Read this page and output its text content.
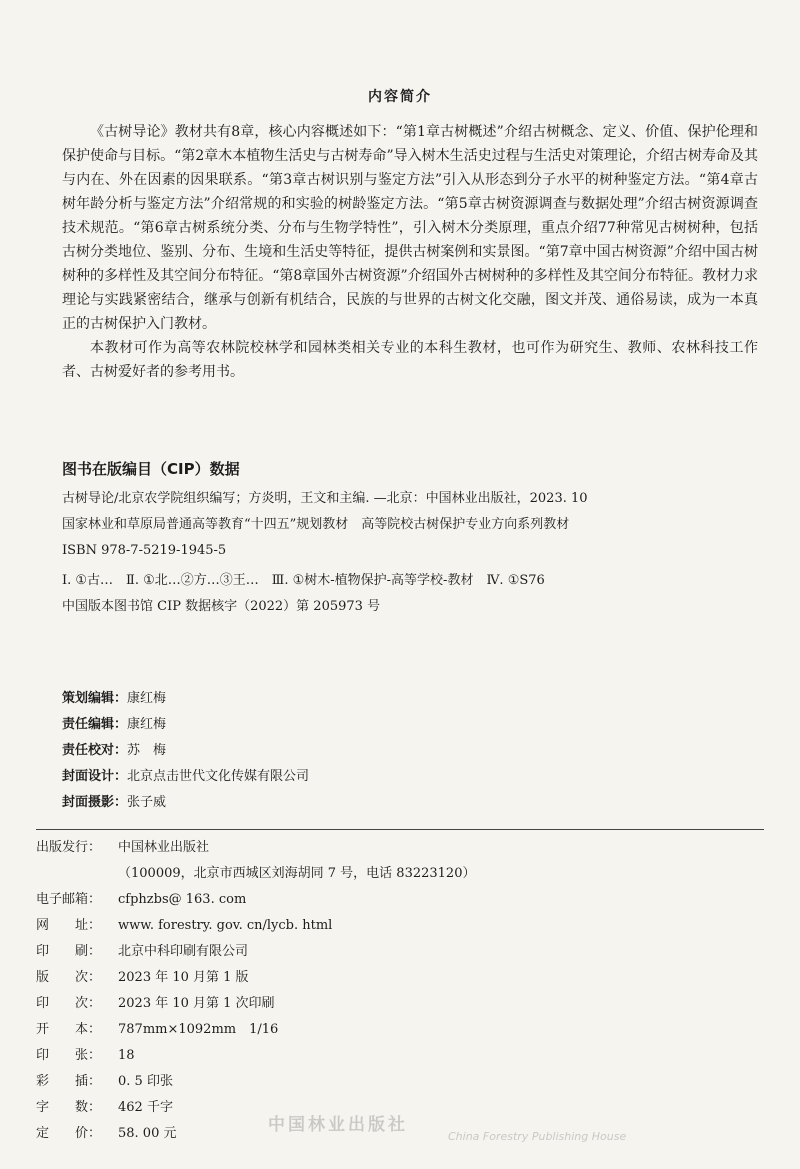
内容简介

《古树导论》教材共有8章，核心内容概述如下：“第1章古树概述”介绍古树概念、定义、价值、保护伦理和保护使命与目标。“第2章木本植物生活史与古树寿命”导入树木生活史过程与生活史对策理论，介绍古树寿命及其与内在、外在因素的因果联系。“第3章古树识别与鉴定方法”引入从形态到分子水平的树种鉴定方法。“第4章古树年龄分析与鉴定方法”介绍常规的和实验的树龄鉴定方法。“第5章古树资源调查与数据处理”介绍古树资源调查技术规范。“第6章古树系统分类、分布与生物学特性”，引入树木分类原理，重点介绍77种常见古树树种，包括古树分类地位、鉴别、分布、生境和生活史等特征，提供古树案例和实景图。“第7章中国古树资源”介绍中国古树树种的多样性及其空间分布特征。“第8章国外古树资源”介绍国外古树树种的多样性及其空间分布特征。教材力求理论与实践紧密结合，继承与创新有机结合，民族的与世界的古树文化交融，图文并茂、通俗易读，成为一本真正的古树保护入门教材。

本教材可作为高等农林院校林学和园林类相关专业的本科生教材，也可作为研究生、教师、农林科技工作者、古树爱好者的参考用书。

图书在版编目（CIP）数据
古树导论/北京农学院组织编写；方炎明，王文和主编. —北京：中国林业出版社，2023. 10
国家林业和草原局普通高等教育“十四五”规划教材　高等院校古树保护专业方向系列教材
ISBN 978-7-5219-1945-5
Ⅰ. ①古…　Ⅱ. ①北…②方…③王…　Ⅲ. ①树木-植物保护-高等学校-教材　Ⅳ. ①S76
中国版本图书馆 CIP 数据核字（2022）第 205973 号
策划编辑：康红梅
责任编辑：康红梅
责任校对：苏　梅
封面设计：北京点击世代文化传媒有限公司
封面摄影：张子威
出版发行： 中国林业出版社
（100009，北京市西城区刘海胡同 7 号，电话 83223120）
电子邮箱： cfphzbs@ 163. com
网　　址： www. forestry. gov. cn/lycb. html
印　　刷： 北京中科印刷有限公司
版　　次： 2023 年 10 月第 1 版
印　　次： 2023 年 10 月第 1 次印刷
开　　本： 787mm×1092mm　1/16
印　　张： 18
彩　　插： 0. 5 印张
字　　数： 462 千字
定　　价： 58. 00 元	中国林业出版社
China Forestry Publishing House
